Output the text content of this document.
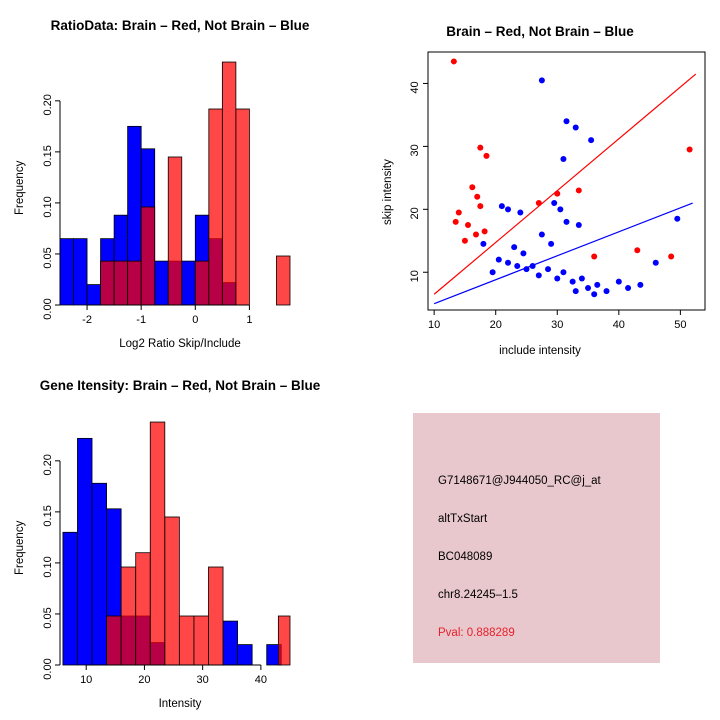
RatioData: Brain – Red, Not Brain – Blue
Log2 Ratio Skip/Include
Frequency
-2	-1	0	1
0.00
0.05
0.10
0.15
0.20
Brain – Red, Not Brain – Blue
include intensity
skip intensity
10	20	30	40	50
10
20
30
40
Gene Itensity: Brain – Red, Not Brain – Blue
Intensity
Frequency
10	20	30	40
0.00
0.05
0.10
0.15
0.20
G7148671@J944050_RC@j_at
altTxStart
BC048089
chr8.24245–1.5
Pval: 0.888289
